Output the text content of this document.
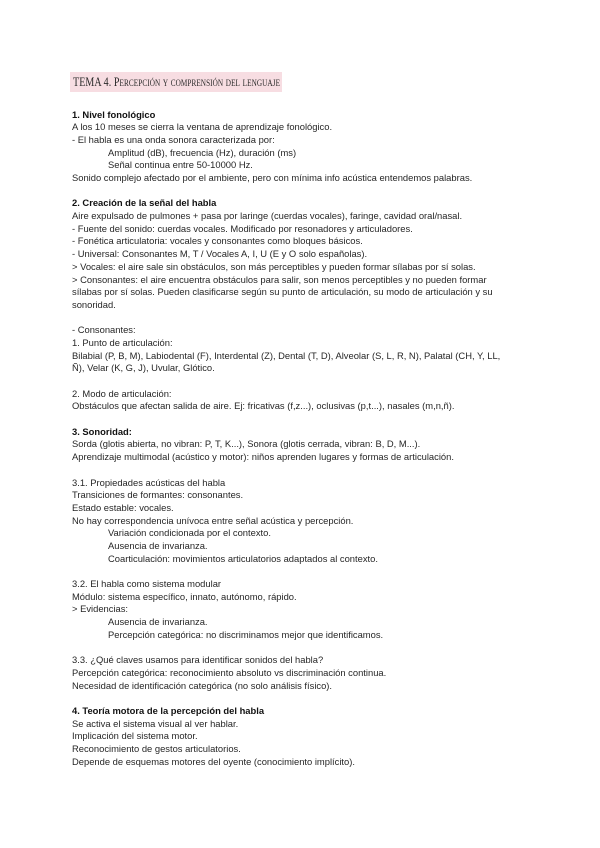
TEMA 4. Percepción y comprensión del lenguaje
1. Nivel fonológico
A los 10 meses se cierra la ventana de aprendizaje fonológico.
- El habla es una onda sonora caracterizada por:
Amplitud (dB), frecuencia (Hz), duración (ms)
Señal continua entre 50-10000 Hz.
Sonido complejo afectado por el ambiente, pero con mínima info acústica entendemos palabras.
2. Creación de la señal del habla
Aire expulsado de pulmones + pasa por laringe (cuerdas vocales), faringe, cavidad oral/nasal.
- Fuente del sonido: cuerdas vocales. Modificado por resonadores y articuladores.
- Fonética articulatoria: vocales y consonantes como bloques básicos.
- Universal: Consonantes M, T / Vocales A, I, U (E y O solo españolas).
> Vocales: el aire sale sin obstáculos, son más perceptibles y pueden formar sílabas por sí solas.
> Consonantes: el aire encuentra obstáculos para salir, son menos perceptibles y no pueden formar
sílabas por sí solas. Pueden clasificarse según su punto de articulación, su modo de articulación y su
sonoridad.
- Consonantes:
1. Punto de articulación:
Bilabial (P, B, M), Labiodental (F), Interdental (Z), Dental (T, D), Alveolar (S, L, R, N), Palatal (CH, Y, LL,
Ñ), Velar (K, G, J), Uvular, Glótico.
2. Modo de articulación:
Obstáculos que afectan salida de aire. Ej: fricativas (f,z...), oclusivas (p,t...), nasales (m,n,ñ).
3. Sonoridad:
Sorda (glotis abierta, no vibran: P, T, K...), Sonora (glotis cerrada, vibran: B, D, M...).
Aprendizaje multimodal (acústico y motor): niños aprenden lugares y formas de articulación.
3.1. Propiedades acústicas del habla
Transiciones de formantes: consonantes.
Estado estable: vocales.
No hay correspondencia unívoca entre señal acústica y percepción.
Variación condicionada por el contexto.
Ausencia de invarianza.
Coarticulación: movimientos articulatorios adaptados al contexto.
3.2. El habla como sistema modular
Módulo: sistema específico, innato, autónomo, rápido.
> Evidencias:
Ausencia de invarianza.
Percepción categórica: no discriminamos mejor que identificamos.
3.3. ¿Qué claves usamos para identificar sonidos del habla?
Percepción categórica: reconocimiento absoluto vs discriminación continua.
Necesidad de identificación categórica (no solo análisis físico).
4. Teoría motora de la percepción del habla
Se activa el sistema visual al ver hablar.
Implicación del sistema motor.
Reconocimiento de gestos articulatorios.
Depende de esquemas motores del oyente (conocimiento implícito).
